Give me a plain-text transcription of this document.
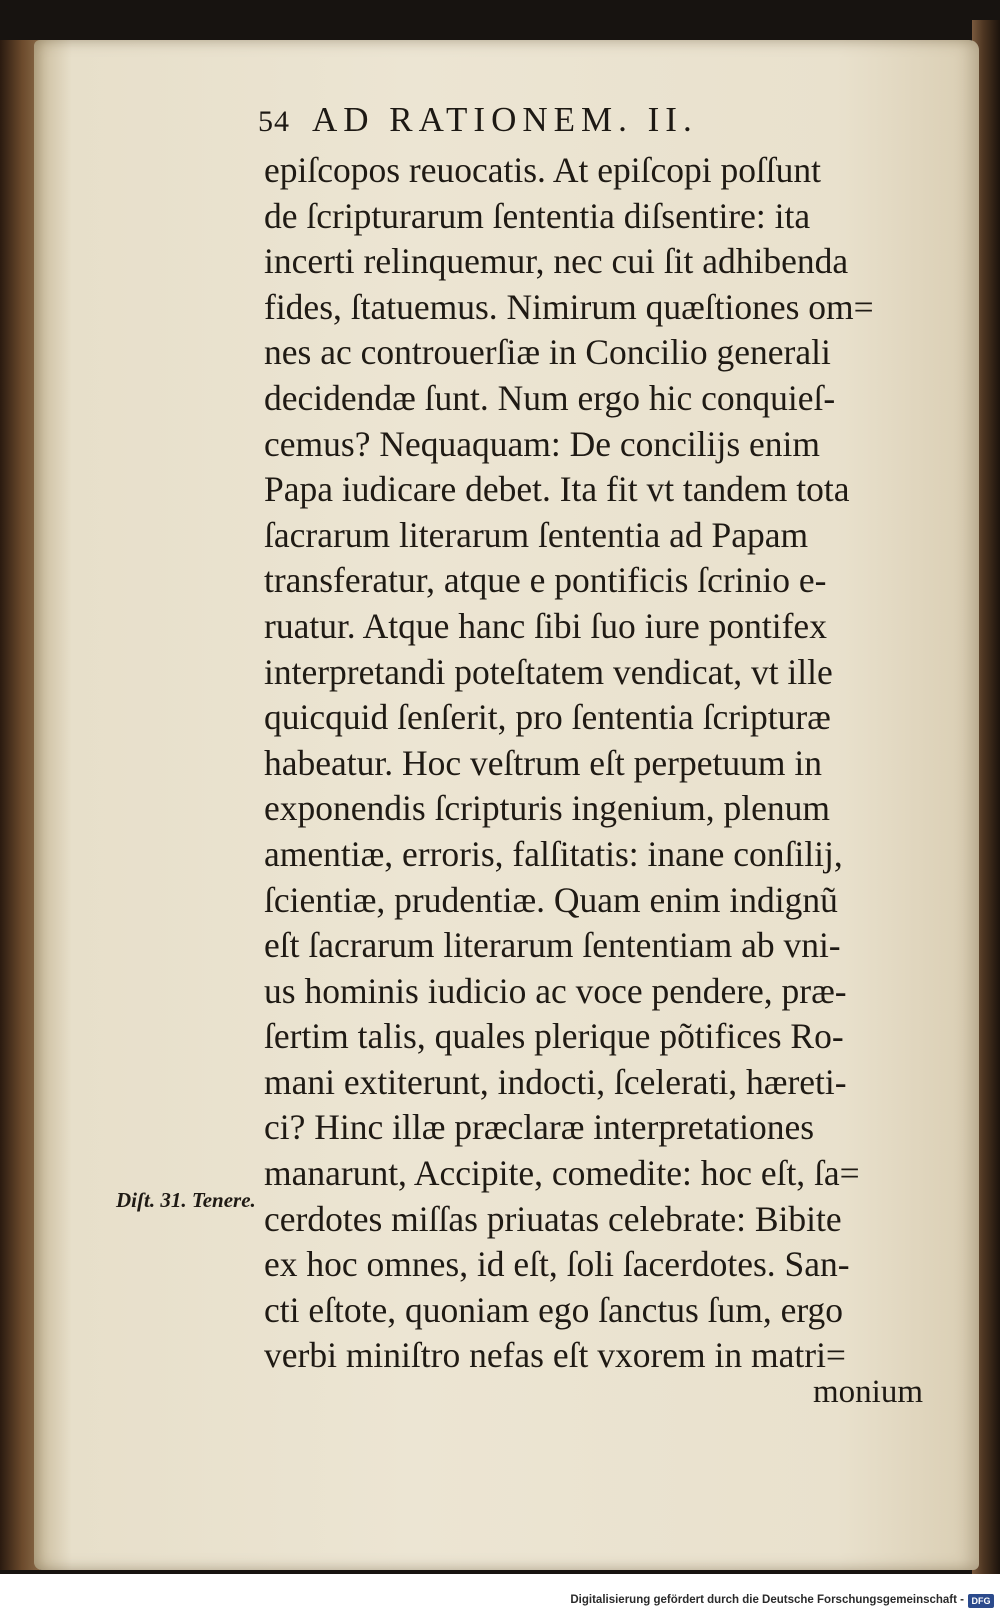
54 AD RATIONEM. II.
epiſcopos reuocatis. At epiſcopi poſſunt
de ſcripturarum ſententia diſsentire: ita
incerti relinquemur, nec cui ſit adhibenda
fides, ſtatuemus. Nimirum quæſtiones om=
nes ac controuerſiæ in Concilio generali
decidendæ ſunt. Num ergo hic conquieſ-
cemus? Nequaquam: De concilijs enim
Papa iudicare debet. Ita fit vt tandem tota
ſacrarum literarum ſententia ad Papam
transferatur, atque e pontificis ſcrinio e-
ruatur. Atque hanc ſibi ſuo iure pontifex
interpretandi poteſtatem vendicat, vt ille
quicquid ſenſerit, pro ſententia ſcripturæ
habeatur. Hoc veſtrum eſt perpetuum in
exponendis ſcripturis ingenium, plenum
amentiæ, erroris, falſitatis: inane conſilij,
ſcientiæ, prudentiæ. Quam enim indignũ
eſt ſacrarum literarum ſententiam ab vni-
us hominis iudicio ac voce pendere, præ-
ſertim talis, quales plerique põtifices Ro-
mani extiterunt, indocti, ſcelerati, hæreti-
ci? Hinc illæ præclaræ interpretationes
manarunt, Accipite, comedite: hoc eſt, ſa=
cerdotes miſſas priuatas celebrate: Bibite
ex hoc omnes, id eſt, ſoli ſacerdotes. San-
cti eſtote, quoniam ego ſanctus ſum, ergo
verbi miniſtro nefas eſt vxorem in matri=
Diſt. 31. Tenere.
monium
Digitalisierung gefördert durch die Deutsche Forschungsgemeinschaft - DFG
